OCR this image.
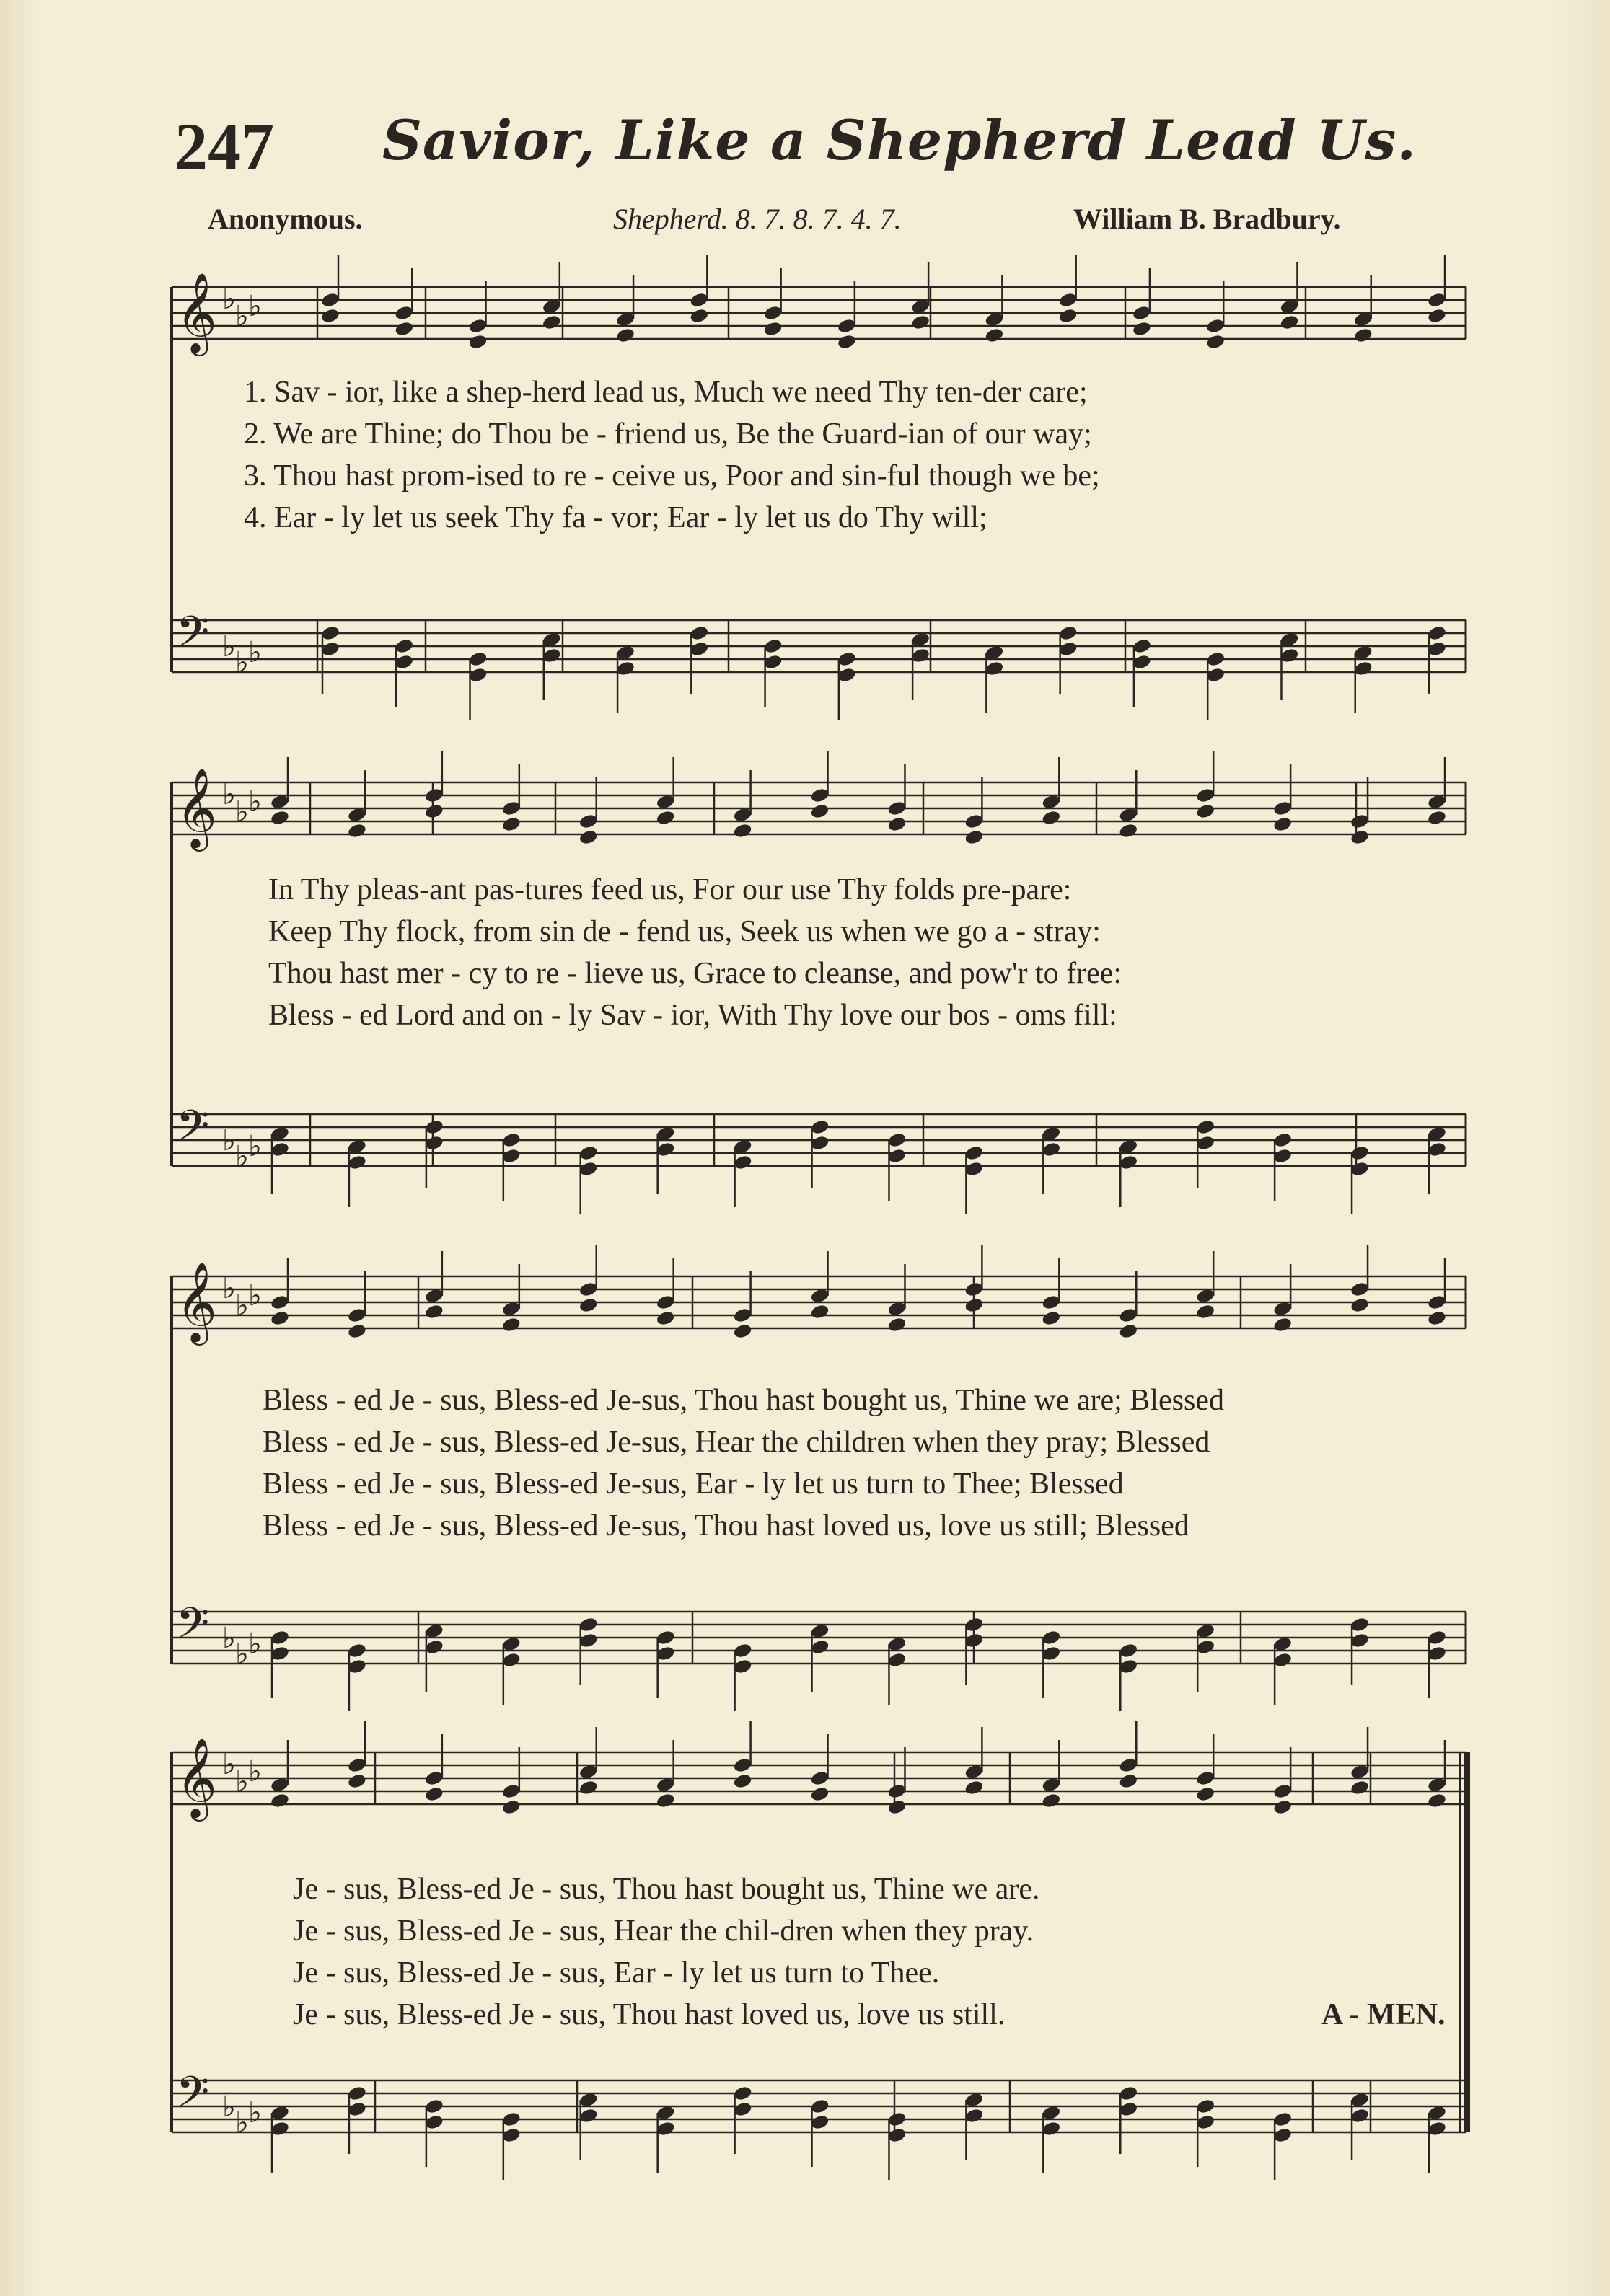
247 Savior, Like a Shepherd Lead Us.
Anonymous.	Shepherd. 8. 7. 8. 7. 4. 7.	William B. Bradbury.
𝄞 ♭
♭ ♭
𝄢 ♭ ♭ ♭
𝄞 ♭
♭ ♭
𝄢 ♭ ♭ ♭
𝄞 ♭
♭ ♭
𝄢 ♭ ♭ ♭
𝄞 ♭
♭ ♭
𝄢 ♭ ♭ ♭
1. Sav - ior, like a shep-herd lead us, Much we need Thy ten-der care;
2. We are Thine; do Thou be - friend us, Be the Guard-ian of our way;
3. Thou hast prom-ised to re - ceive us, Poor and sin-ful though we be;
4. Ear - ly let us seek Thy fa - vor; Ear - ly let us do Thy will;
In Thy pleas-ant pas-tures feed us, For our use Thy folds pre-pare:
Keep Thy flock, from sin de - fend us, Seek us when we go a - stray:
Thou hast mer - cy to re - lieve us, Grace to cleanse, and pow'r to free:
Bless - ed Lord and on - ly Sav - ior, With Thy love our bos - oms fill:
Bless - ed Je - sus, Bless-ed Je-sus, Thou hast bought us, Thine we are; Blessed
Bless - ed Je - sus, Bless-ed Je-sus, Hear the children when they pray; Blessed
Bless - ed Je - sus, Bless-ed Je-sus, Ear - ly let us turn to Thee; Blessed
Bless - ed Je - sus, Bless-ed Je-sus, Thou hast loved us, love us still; Blessed
Je - sus, Bless-ed Je - sus, Thou hast bought us, Thine we are.
Je - sus, Bless-ed Je - sus, Hear the chil-dren when they pray.
Je - sus, Bless-ed Je - sus, Ear - ly let us turn to Thee.
Je - sus, Bless-ed Je - sus, Thou hast loved us, love us still.	A - MEN.
